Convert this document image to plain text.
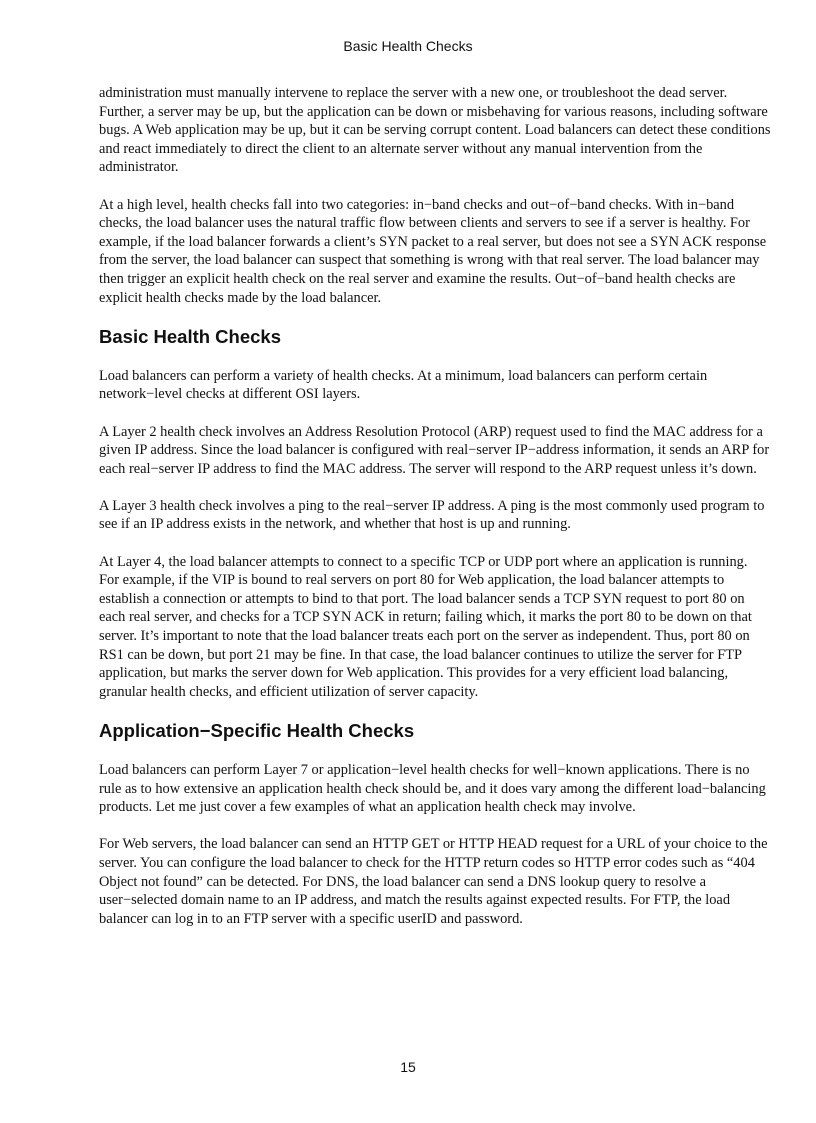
Basic Health Checks

administration must manually intervene to replace the server with a new one, or troubleshoot the dead server. Further, a server may be up, but the application can be down or misbehaving for various reasons, including software bugs. A Web application may be up, but it can be serving corrupt content. Load balancers can detect these conditions and react immediately to direct the client to an alternate server without any manual intervention from the administrator.

At a high level, health checks fall into two categories: in−band checks and out−of−band checks. With in−band checks, the load balancer uses the natural traffic flow between clients and servers to see if a server is healthy. For example, if the load balancer forwards a client’s SYN packet to a real server, but does not see a SYN ACK response from the server, the load balancer can suspect that something is wrong with that real server. The load balancer may then trigger an explicit health check on the real server and examine the results. Out−of−band health checks are explicit health checks made by the load balancer.

Basic Health Checks

Load balancers can perform a variety of health checks. At a minimum, load balancers can perform certain network−level checks at different OSI layers.

A Layer 2 health check involves an Address Resolution Protocol (ARP) request used to find the MAC address for a given IP address. Since the load balancer is configured with real−server IP−address information, it sends an ARP for each real−server IP address to find the MAC address. The server will respond to the ARP request unless it’s down.

A Layer 3 health check involves a ping to the real−server IP address. A ping is the most commonly used program to see if an IP address exists in the network, and whether that host is up and running.

At Layer 4, the load balancer attempts to connect to a specific TCP or UDP port where an application is running. For example, if the VIP is bound to real servers on port 80 for Web application, the load balancer attempts to establish a connection or attempts to bind to that port. The load balancer sends a TCP SYN request to port 80 on each real server, and checks for a TCP SYN ACK in return; failing which, it marks the port 80 to be down on that server. It’s important to note that the load balancer treats each port on the server as independent. Thus, port 80 on RS1 can be down, but port 21 may be fine. In that case, the load balancer continues to utilize the server for FTP application, but marks the server down for Web application. This provides for a very efficient load balancing, granular health checks, and efficient utilization of server capacity.

Application−Specific Health Checks

Load balancers can perform Layer 7 or application−level health checks for well−known applications. There is no rule as to how extensive an application health check should be, and it does vary among the different load−balancing products. Let me just cover a few examples of what an application health check may involve.

For Web servers, the load balancer can send an HTTP GET or HTTP HEAD request for a URL of your choice to the server. You can configure the load balancer to check for the HTTP return codes so HTTP error codes such as “404 Object not found” can be detected. For DNS, the load balancer can send a DNS lookup query to resolve a user−selected domain name to an IP address, and match the results against expected results. For FTP, the load balancer can log in to an FTP server with a specific userID and password.

15
